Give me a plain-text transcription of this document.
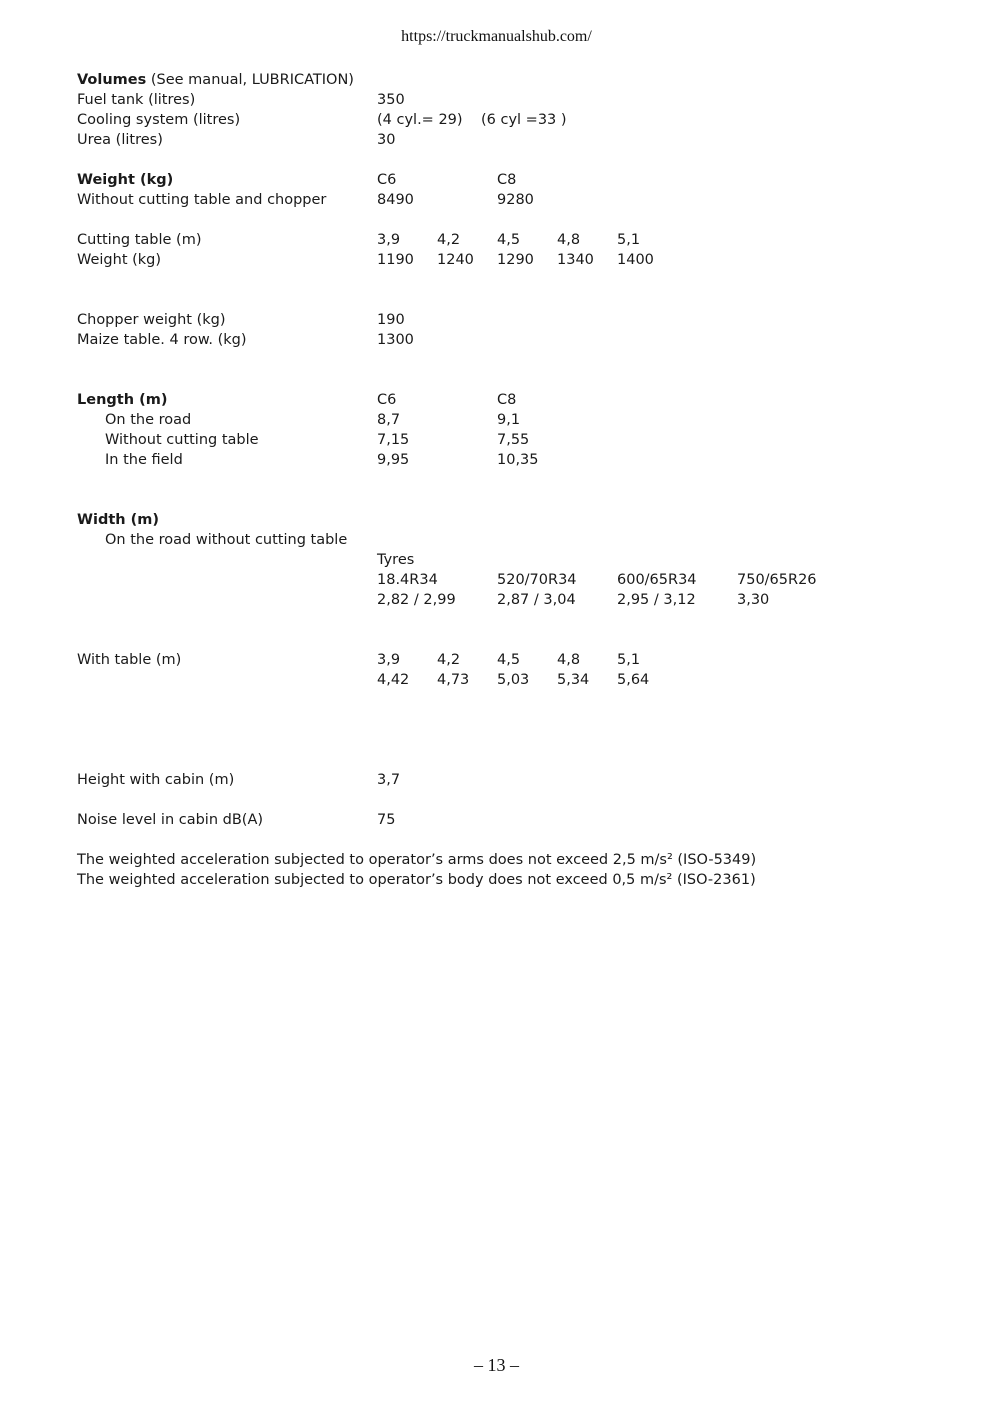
https://truckmanualshub.com/
Volumes (See manual, LUBRICATION)
Fuel tank (litres)	350
Cooling system (litres)	(4 cyl.= 29) (6 cyl =33 )
Urea (litres)	30
Weight (kg)	C6	C8
Without cutting table and chopper	8490	9280
Cutting table (m)	3,9	4,2	4,5	4,8	5,1
Weight (kg)	1190 1240 1290 1340 1400
Chopper weight (kg)	190
Maize table. 4 row. (kg)	1300
Length (m)	C6	C8
On the road	8,7	9,1
Without cutting table	7,15	7,55
In the field	9,95	10,35
Width (m)
On the road without cutting table
Tyres
18.4R34	520/70R34	600/65R34	750/65R26
2,82 / 2,99	2,87 / 3,04	2,95 / 3,12	3,30
With table (m)	3,9	4,2	4,5	4,8	5,1
4,42 4,73 5,03 5,34 5,64
Height with cabin (m)	3,7
Noise level in cabin dB(A)	75
The weighted acceleration subjected to operator’s arms does not exceed 2,5 m/s² (ISO-5349)
The weighted acceleration subjected to operator’s body does not exceed 0,5 m/s² (ISO-2361)
– 13 –
